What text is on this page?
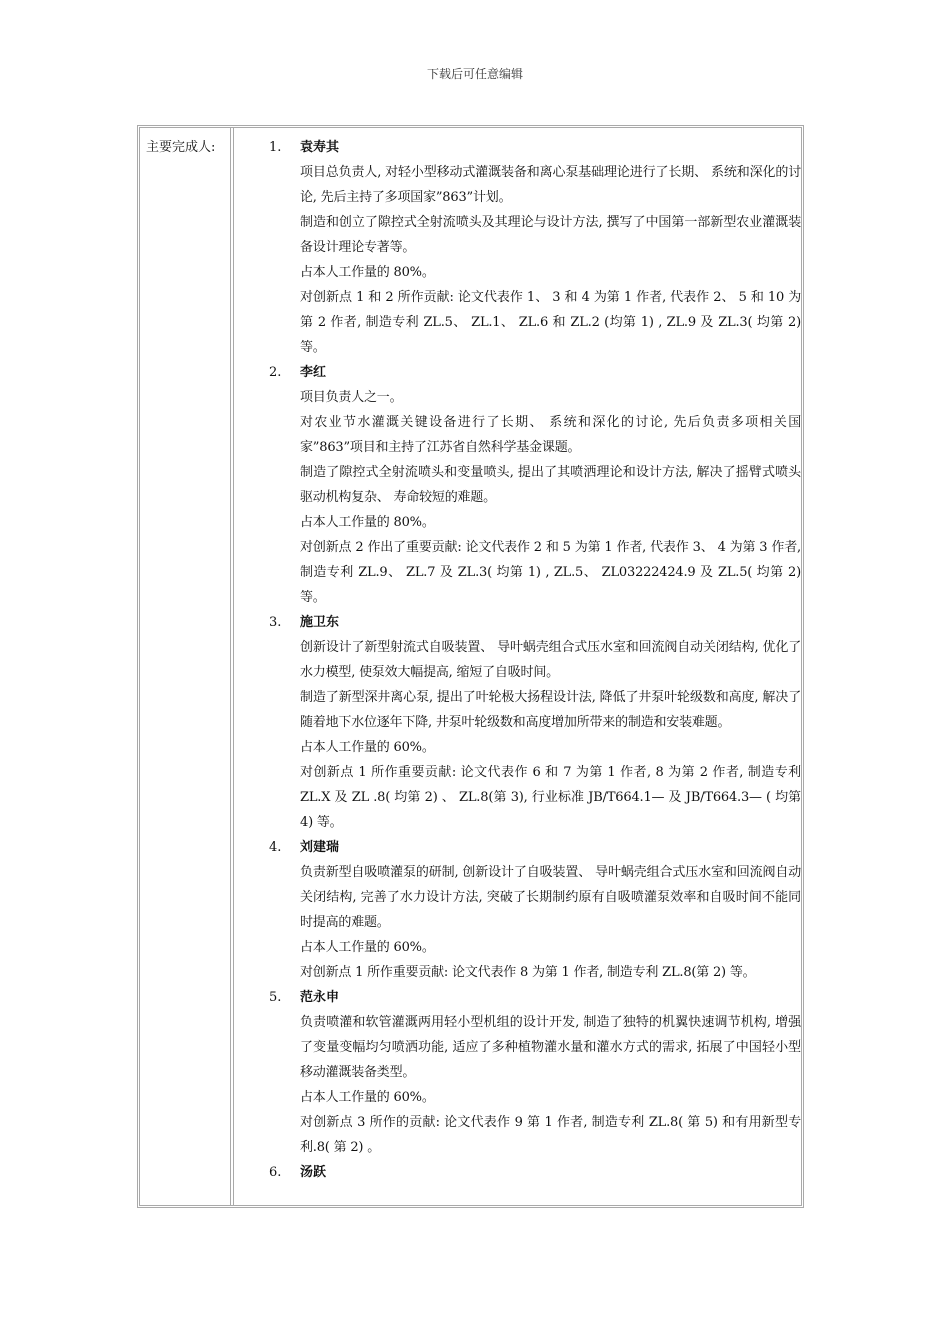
下载后可任意编辑
主要完成人:	1.	袁寿其
项目总负责人, 对轻小型移动式灌溉装备和离心泵基础理论进行了长期、 系统和深化的讨论, 先后主持了多项国家”863”计划。
制造和创立了隙控式全射流喷头及其理论与设计方法, 撰写了中国第一部新型农业灌溉装备设计理论专著等。
占本人工作量的 80%。
对创新点 1 和 2 所作贡献: 论文代表作 1、 3 和 4 为第 1 作者, 代表作 2、 5 和 10 为第 2 作者, 制造专利 ZL.5、 ZL.1、 ZL.6 和 ZL.2 (均第 1) , ZL.9 及 ZL.3( 均第 2) 等。
2.	李红
项目负责人之一。
对农业节水灌溉关键设备进行了长期、 系统和深化的讨论, 先后负责多项相关国家”863”项目和主持了江苏省自然科学基金课题。
制造了隙控式全射流喷头和变量喷头, 提出了其喷洒理论和设计方法, 解决了摇臂式喷头驱动机构复杂、 寿命较短的难题。
占本人工作量的 80%。
对创新点 2 作出了重要贡献: 论文代表作 2 和 5 为第 1 作者, 代表作 3、 4 为第 3 作者, 制造专利 ZL.9、 ZL.7 及 ZL.3( 均第 1) , ZL.5、 ZL03222424.9 及 ZL.5( 均第 2) 等。
3.	施卫东
创新设计了新型射流式自吸装置、 导叶蜗壳组合式压水室和回流阀自动关闭结构, 优化了水力模型, 使泵效大幅提高, 缩短了自吸时间。
制造了新型深井离心泵, 提出了叶轮极大扬程设计法, 降低了井泵叶轮级数和高度, 解决了随着地下水位逐年下降, 井泵叶轮级数和高度增加所带来的制造和安装难题。
占本人工作量的 60%。
对创新点 1 所作重要贡献: 论文代表作 6 和 7 为第 1 作者, 8 为第 2 作者, 制造专利 ZL.X 及 ZL .8( 均第 2) 、 ZL.8(第 3), 行业标准 JB/T664.1— 及 JB/T664.3— ( 均第 4) 等。
4.	刘建瑞
负责新型自吸喷灌泵的研制, 创新设计了自吸装置、 导叶蜗壳组合式压水室和回流阀自动关闭结构, 完善了水力设计方法, 突破了长期制约原有自吸喷灌泵效率和自吸时间不能同时提高的难题。
占本人工作量的 60%。
对创新点 1 所作重要贡献: 论文代表作 8 为第 1 作者, 制造专利 ZL.8(第 2) 等。
5.	范永申
负责喷灌和软管灌溉两用轻小型机组的设计开发, 制造了独特的机翼快速调节机构, 增强了变量变幅均匀喷洒功能, 适应了多种植物灌水量和灌水方式的需求, 拓展了中国轻小型移动灌溉装备类型。
占本人工作量的 60%。
对创新点 3 所作的贡献: 论文代表作 9 第 1 作者, 制造专利 ZL.8( 第 5) 和有用新型专利.8( 第 2) 。
6.	汤跃
